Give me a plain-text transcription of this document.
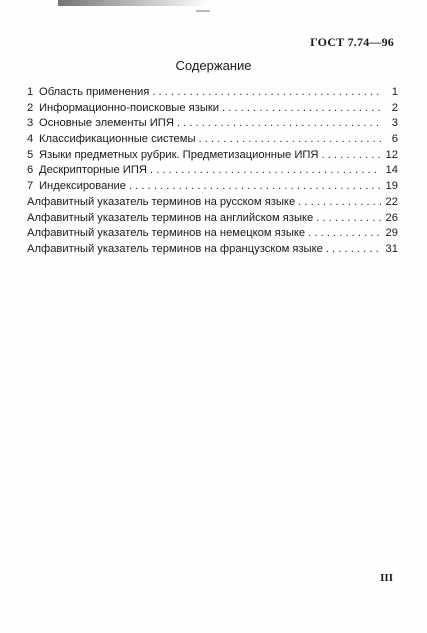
ГОСТ 7.74—96
Содержание
1 Область применения . . .	1
2 Информационно-поисковые языки . . .	2
3 Основные элементы ИПЯ . . .	3
4 Классификационные системы . . .	6
5 Языки предметных рубрик. Предметизационные ИПЯ . . .	12
6 Дескрипторные ИПЯ . . .	14
7 Индексирование . . .	19
Алфавитный указатель терминов на русском языке . . .	22
Алфавитный указатель терминов на английском языке . . .	26
Алфавитный указатель терминов на немецком языке . . .	29
Алфавитный указатель терминов на французском языке . . .	31
III
